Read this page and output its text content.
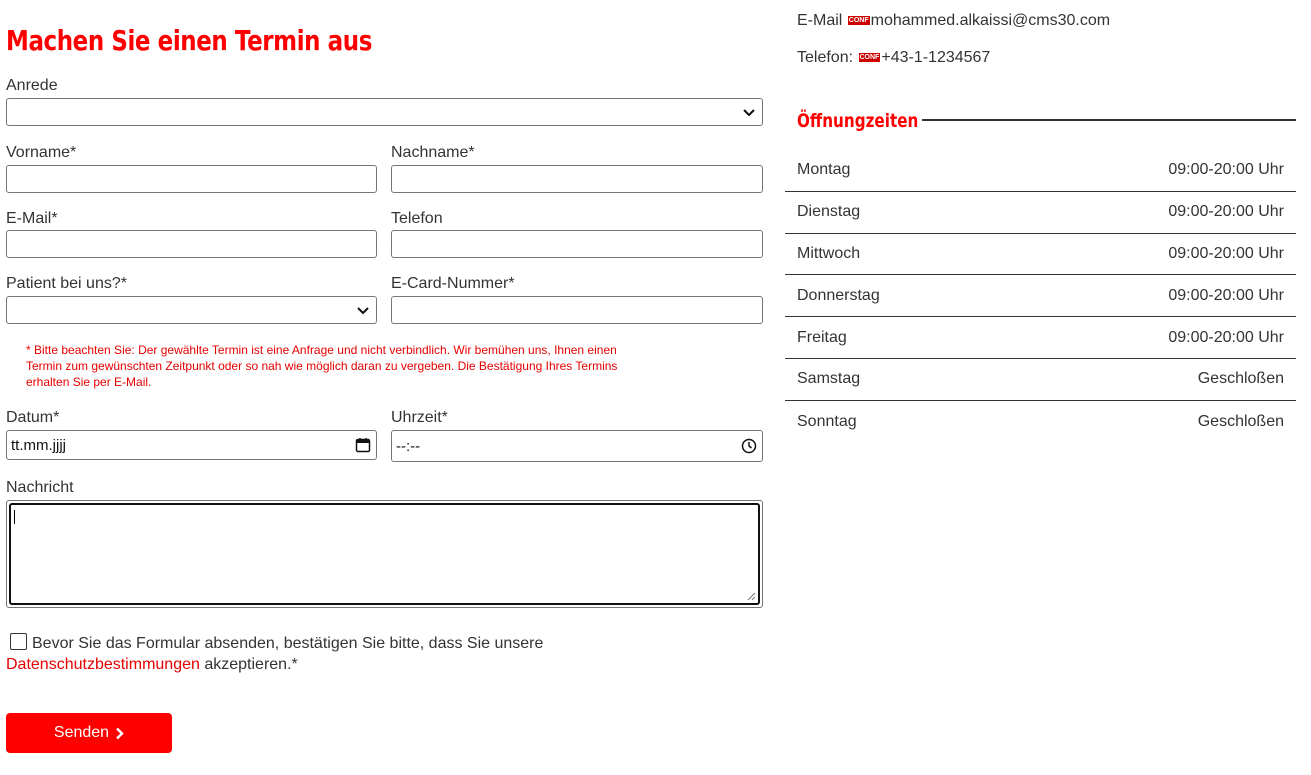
Machen Sie einen Termin aus
Anrede
Vorname*	Nachname*
E-Mail*	Telefon
Patient bei uns?*	E-Card-Nummer*
* Bitte beachten Sie: Der gewählte Termin ist eine Anfrage und nicht verbindlich. Wir bemühen uns, Ihnen einen Termin zum gewünschten Zeitpunkt oder so nah wie möglich daran zu vergeben. Die Bestätigung Ihres Termins erhalten Sie per E-Mail.
Datum*
tt.mm.jjjj
Uhrzeit*
--:--
Nachricht
Bevor Sie das Formular absenden, bestätigen Sie bitte, dass Sie unsere
Datenschutzbestimmungen akzeptieren.*
Senden
E-Mail CONF mohammed.alkaissi@cms30.com
Telefon: CONF +43-1-1234567
Öffnungzeiten
Montag	09:00-20:00 Uhr
Dienstag	09:00-20:00 Uhr
Mittwoch	09:00-20:00 Uhr
Donnerstag	09:00-20:00 Uhr
Freitag	09:00-20:00 Uhr
Samstag	Geschloßen
Sonntag	Geschloßen
